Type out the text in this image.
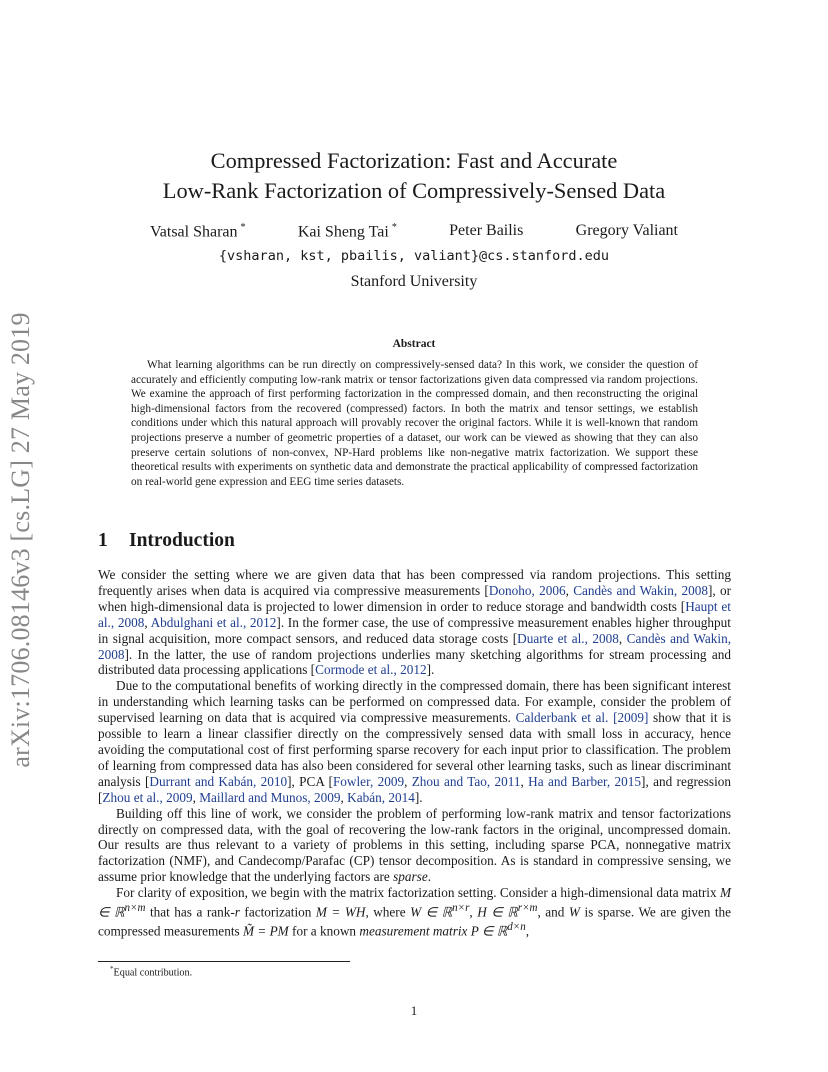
arXiv:1706.08146v3 [cs.LG] 27 May 2019
Compressed Factorization: Fast and Accurate
Low-Rank Factorization of Compressively-Sensed Data
Vatsal Sharan *	Kai Sheng Tai *	Peter Bailis	Gregory Valiant
{vsharan, kst, pbailis, valiant}@cs.stanford.edu
Stanford University
Abstract

What learning algorithms can be run directly on compressively-sensed data? In this work, we consider the question of accurately and efficiently computing low-rank matrix or tensor factorizations given data compressed via random projections. We examine the approach of first performing factorization in the compressed domain, and then reconstructing the original high-dimensional factors from the recovered (compressed) factors. In both the matrix and tensor settings, we establish conditions under which this natural approach will provably recover the original factors. While it is well-known that random projections preserve a number of geometric properties of a dataset, our work can be viewed as showing that they can also preserve certain solutions of non-convex, NP-Hard problems like non-negative matrix factorization. We support these theoretical results with experiments on synthetic data and demonstrate the practical applicability of compressed factorization on real-world gene expression and EEG time series datasets.

1 Introduction

We consider the setting where we are given data that has been compressed via random projections. This setting frequently arises when data is acquired via compressive measurements [Donoho, 2006, Candès and Wakin, 2008], or when high-dimensional data is projected to lower dimension in order to reduce storage and bandwidth costs [Haupt et al., 2008, Abdulghani et al., 2012]. In the former case, the use of compressive measurement enables higher throughput in signal acquisition, more compact sensors, and reduced data storage costs [Duarte et al., 2008, Candès and Wakin, 2008]. In the latter, the use of random projections underlies many sketching algorithms for stream processing and distributed data processing applications [Cormode et al., 2012].

Due to the computational benefits of working directly in the compressed domain, there has been significant interest in understanding which learning tasks can be performed on compressed data. For example, consider the problem of supervised learning on data that is acquired via compressive measurements. Calderbank et al. [2009] show that it is possible to learn a linear classifier directly on the compressively sensed data with small loss in accuracy, hence avoiding the computational cost of first performing sparse recovery for each input prior to classification. The problem of learning from compressed data has also been considered for several other learning tasks, such as linear discriminant analysis [Durrant and Kabán, 2010], PCA [Fowler, 2009, Zhou and Tao, 2011, Ha and Barber, 2015], and regression [Zhou et al., 2009, Maillard and Munos, 2009, Kabán, 2014].

Building off this line of work, we consider the problem of performing low-rank matrix and tensor factorizations directly on compressed data, with the goal of recovering the low-rank factors in the original, uncompressed domain. Our results are thus relevant to a variety of problems in this setting, including sparse PCA, nonnegative matrix factorization (NMF), and Candecomp/Parafac (CP) tensor decomposition. As is standard in compressive sensing, we assume prior knowledge that the underlying factors are sparse.

For clarity of exposition, we begin with the matrix factorization setting. Consider a high-dimensional data matrix M ∈ ℝ$^{n\times m}$ that has a rank-r factorization M = WH, where W ∈ ℝ$^{n\times r}$, H ∈ ℝ$^{r\times m}$, and W is sparse. We are given the compressed measurements M̃ = PM for a known measurement matrix P ∈ ℝ$^{d\times n}$,

*Equal contribution.
1
